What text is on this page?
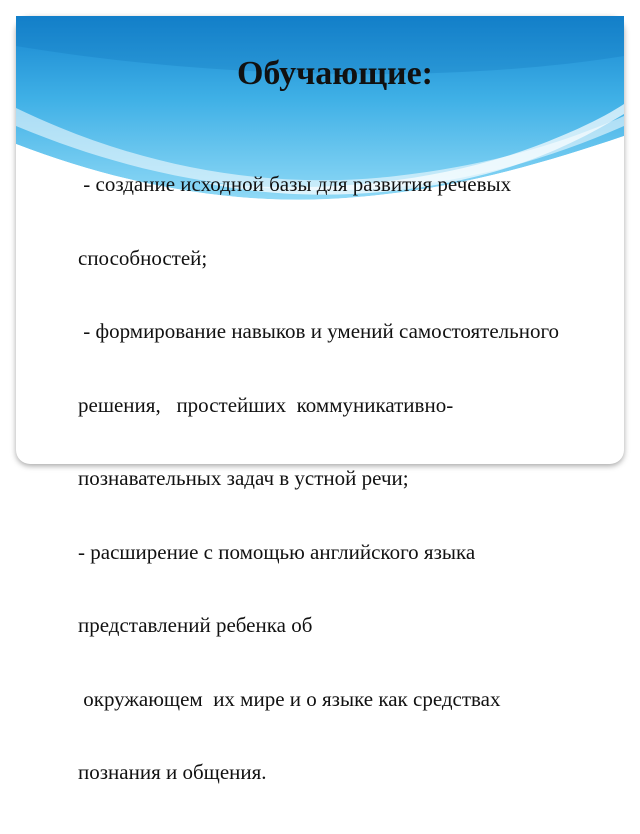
Обучающие:

- создание исходной базы для развития речевых

способностей;

- формирование навыков и умений самостоятельного

решения,   простейших  коммуникативно-

познавательных задач в устной речи;

- расширение с помощью английского языка

представлений ребенка об

окружающем  их мире и о языке как средствах

познания и общения.
